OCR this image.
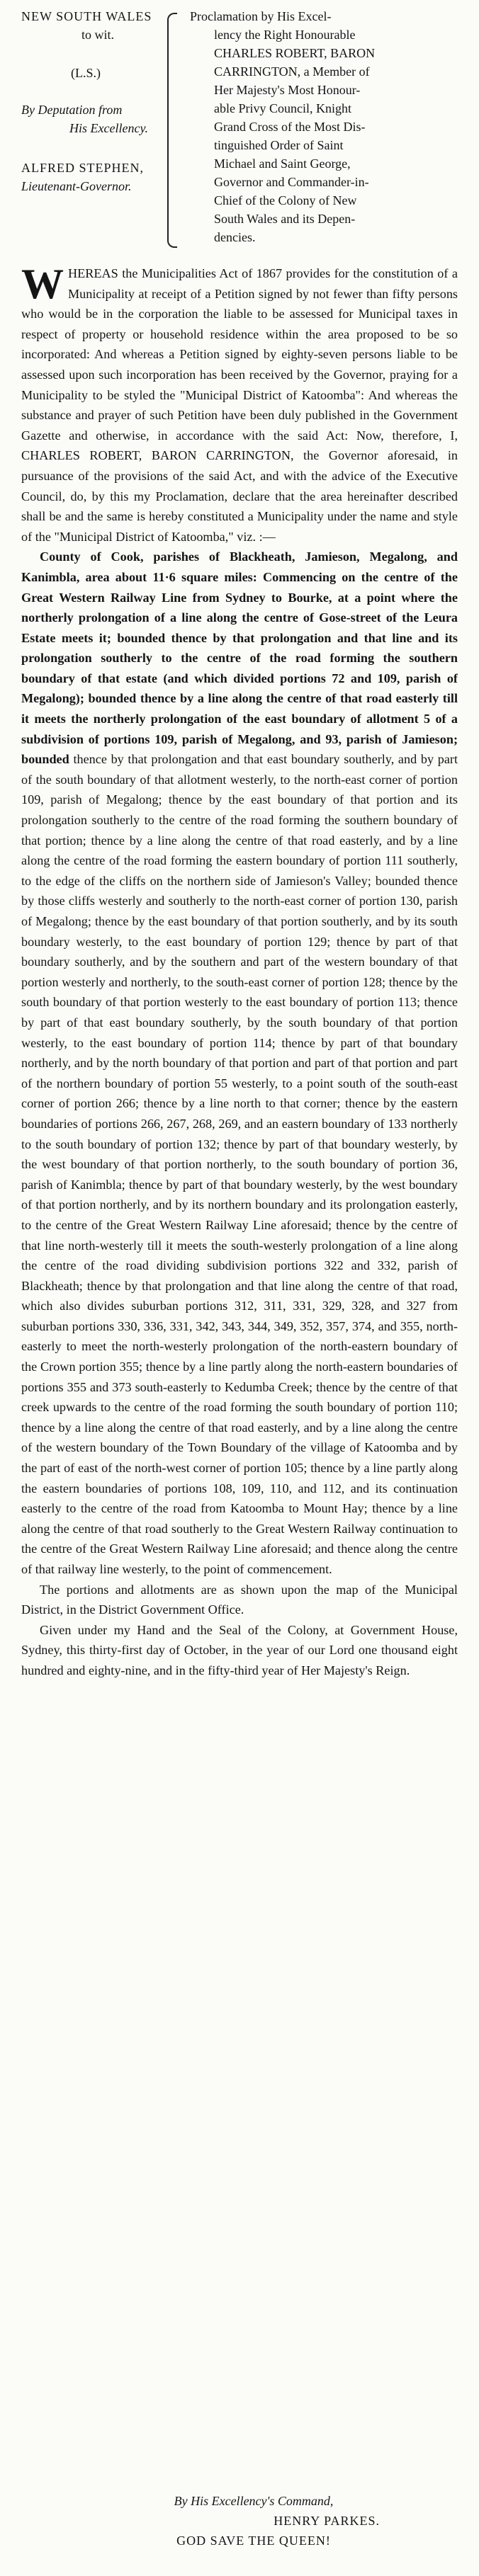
NEW SOUTH WALES
to wit.
(L.S.)
By Deputation from
His Excellency.
ALFRED STEPHEN,
Lieutenant-Governor.
Proclamation by His Excel-
lency the Right Honourable
CHARLES ROBERT, BARON
CARRINGTON, a Member of
Her Majesty's Most Honour-
able Privy Council, Knight
Grand Cross of the Most Dis-
tinguished Order of Saint
Michael and Saint George,
Governor and Commander-in-
Chief of the Colony of New
South Wales and its Depen-
dencies.

WHEREAS the Municipalities Act of 1867 provides for the constitution of a Municipality at receipt of a Petition signed by not fewer than fifty persons who would be in the corporation the liable to be assessed for Municipal taxes in respect of property or household residence within the area proposed to be so incorporated: And whereas a Petition signed by eighty-seven persons liable to be assessed upon such incorporation has been received by the Governor, praying for a Municipality to be styled the "Municipal District of Katoomba": And whereas the substance and prayer of such Petition have been duly published in the Government Gazette and otherwise, in accordance with the said Act: Now, therefore, I, CHARLES ROBERT, BARON CARRINGTON, the Governor aforesaid, in pursuance of the provisions of the said Act, and with the advice of the Executive Council, do, by this my Proclamation, declare that the area hereinafter described shall be and the same is hereby constituted a Municipality under the name and style of the "Municipal District of Katoomba," viz. :—

County of Cook, parishes of Blackheath, Jamieson, Megalong, and Kanimbla, area about 11·6 square miles: Commencing on the centre of the Great Western Railway Line from Sydney to Bourke, at a point where the northerly prolongation of a line along the centre of Gose-street of the Leura Estate meets it; bounded thence by that prolongation and that line and its prolongation southerly to the centre of the road forming the southern boundary of that estate (and which divided portions 72 and 109, parish of Megalong); bounded thence by a line along the centre of that road easterly till it meets the northerly prolongation of the east boundary of allotment 5 of a subdivision of portions 109, parish of Megalong, and 93, parish of Jamieson; bounded thence by that prolongation and that east boundary southerly, and by part of the south boundary of that allotment westerly, to the north-east corner of portion 109, parish of Megalong; thence by the east boundary of that portion and its prolongation southerly to the centre of the road forming the southern boundary of that portion; thence by a line along the centre of that road easterly, and by a line along the centre of the road forming the eastern boundary of portion 111 southerly, to the edge of the cliffs on the northern side of Jamieson's Valley; bounded thence by those cliffs westerly and southerly to the north-east corner of portion 130, parish of Megalong; thence by the east boundary of that portion southerly, and by its south boundary westerly, to the east boundary of portion 129; thence by part of that boundary southerly, and by the southern and part of the western boundary of that portion westerly and northerly, to the south-east corner of portion 128; thence by the south boundary of that portion westerly to the east boundary of portion 113; thence by part of that east boundary southerly, by the south boundary of that portion westerly, to the east boundary of portion 114; thence by part of that boundary northerly, and by the north boundary of that portion and part of that portion and part of the northern boundary of portion 55 westerly, to a point south of the south-east corner of portion 266; thence by a line north to that corner; thence by the eastern boundaries of portions 266, 267, 268, 269, and an eastern boundary of 133 northerly to the south boundary of portion 132; thence by part of that boundary westerly, by the west boundary of that portion northerly, to the south boundary of portion 36, parish of Kanimbla; thence by part of that boundary westerly, by the west boundary of that portion northerly, and by its northern boundary and its prolongation easterly, to the centre of the Great Western Railway Line aforesaid; thence by the centre of that line north-westerly till it meets the south-westerly prolongation of a line along the centre of the road dividing subdivision portions 322 and 332, parish of Blackheath; thence by that prolongation and that line along the centre of that road, which also divides suburban portions 312, 311, 331, 329, 328, and 327 from suburban portions 330, 336, 331, 342, 343, 344, 349, 352, 357, 374, and 355, north-easterly to meet the north-westerly prolongation of the north-eastern boundary of the Crown portion 355; thence by a line partly along the north-eastern boundaries of portions 355 and 373 south-easterly to Kedumba Creek; thence by the centre of that creek upwards to the centre of the road forming the south boundary of portion 110; thence by a line along the centre of that road easterly, and by a line along the centre of the western boundary of the Town Boundary of the village of Katoomba and by the part of east of the north-west corner of portion 105; thence by a line partly along the eastern boundaries of portions 108, 109, 110, and 112, and its continuation easterly to the centre of the road from Katoomba to Mount Hay; thence by a line along the centre of that road southerly to the Great Western Railway continuation to the centre of the Great Western Railway Line aforesaid; and thence along the centre of that railway line westerly, to the point of commencement.

The portions and allotments are as shown upon the map of the Municipal District, in the District Government Office.

Given under my Hand and the Seal of the Colony, at Government House, Sydney, this thirty-first day of October, in the year of our Lord one thousand eight hundred and eighty-nine, and in the fifty-third year of Her Majesty's Reign.

By His Excellency's Command,
HENRY PARKES.
GOD SAVE THE QUEEN!
